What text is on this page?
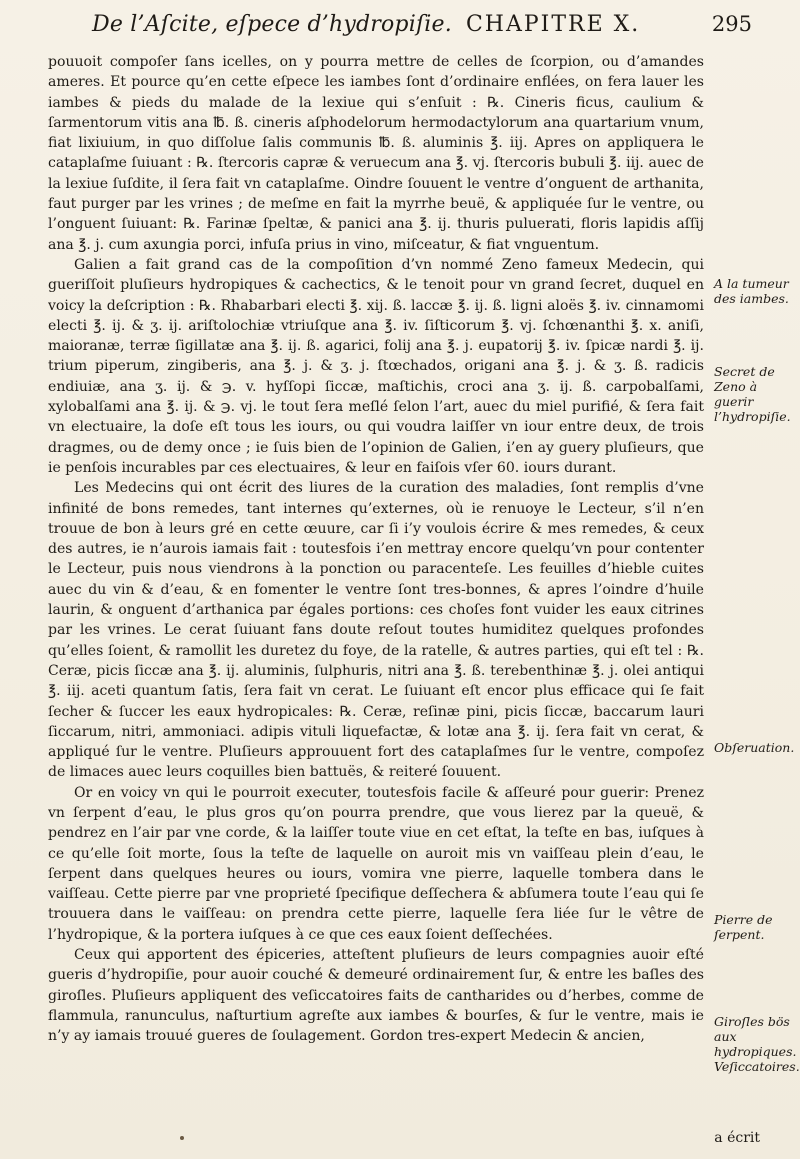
De l’Aſcite, eſpece d’hydropiſie. CHAPITRE X.	295

pouuoit compoſer ſans icelles, on y pourra mettre de celles de ſcorpion, ou d’amandes ameres. Et pource qu’en cette eſpece les iambes ſont d’ordinaire enflées, on fera lauer les iambes & pieds du malade de la lexiue qui s’enſuit : ℞. Cineris ficus, caulium & ſarmentorum vitis ana ℔. ß. cineris aſphodelorum hermodactylorum ana quartarium vnum, fiat lixiuium, in quo diſſolue ſalis communis ℔. ß. aluminis ℥. iij. Apres on appliquera le cataplaſme ſuiuant : ℞. ſtercoris capræ & veruecum ana ℥. vj. ſtercoris bubuli ℥. iij. auec de la lexiue ſuſdite, il ſera fait vn cataplaſme. Oindre ſouuent le ventre d’onguent de arthanita, faut purger par les vrines ; de meſme en fait la myrrhe beuë, & appliquée ſur le ventre, ou l’onguent ſuiuant: ℞. Farinæ ſpeltæ, & panici ana ℥. ij. thuris puluerati, floris lapidis aſſij ana ℥. j. cum axungia porci, infuſa prius in vino, miſceatur, & fiat vnguentum.

Galien a fait grand cas de la compoſition d’vn nommé Zeno fameux Medecin, qui gueriſſoit pluſieurs hydropiques & cachectics, & le tenoit pour vn grand ſecret, duquel en voicy la deſcription : ℞. Rhabarbari electi ℥. xij. ß. laccæ ℥. ij. ß. ligni aloës ℥. iv. cinnamomi electi ℥. ij. & ʒ. ij. ariſtolochiæ vtriuſque ana ℥. iv. ſiſticorum ℥. vj. ſchœnanthi ℥. x. aniſi, maioranæ, terræ ſigillatæ ana ℥. ij. ß. agarici, folij ana ℥. j. eupatorij ℥. iv. ſpicæ nardi ℥. ij. trium piperum, zingiberis, ana ℥. j. & ʒ. j. ſtœchados, origani ana ℥. j. & ʒ. ß. radicis endiuiæ, ana ʒ. ij. & ℈. v. hyſſopi ſiccæ, maſtichis, croci ana ʒ. ij. ß. carpobalſami, xylobalſami ana ℥. ij. & ℈. vj. le tout ſera meſlé ſelon l’art, auec du miel purifié, & ſera fait vn electuaire, la doſe eſt tous les iours, ou qui voudra laiſſer vn iour entre deux, de trois dragmes, ou de demy once ; ie ſuis bien de l’opinion de Galien, i’en ay guery pluſieurs, que ie penſois incurables par ces electuaires, & leur en faiſois vſer 60. iours durant.

Les Medecins qui ont écrit des liures de la curation des maladies, ſont remplis d’vne infinité de bons remedes, tant internes qu’externes, où ie renuoye le Lecteur, s’il n’en trouue de bon à leurs gré en cette œuure, car ſi i’y voulois écrire & mes remedes, & ceux des autres, ie n’aurois iamais fait : toutesfois i’en mettray encore quelqu’vn pour contenter le Lecteur, puis nous viendrons à la ponction ou paracenteſe. Les feuilles d’hieble cuites auec du vin & d’eau, & en fomenter le ventre ſont tres-bonnes, & apres l’oindre d’huile laurin, & onguent d’arthanica par égales portions: ces choſes font vuider les eaux citrines par les vrines. Le cerat ſuiuant fans doute reſout toutes humiditez quelques profondes qu’elles ſoient, & ramollit les duretez du foye, de la ratelle, & autres parties, qui eſt tel : ℞. Ceræ, picis ſiccæ ana ℥. ij. aluminis, ſulphuris, nitri ana ℥. ß. terebenthinæ ℥. j. olei antiqui ℥. iij. aceti quantum ſatis, ſera fait vn cerat. Le ſuiuant eſt encor plus efficace qui ſe fait ſecher & ſuccer les eaux hydropicales: ℞. Ceræ, reſinæ pini, picis ſiccæ, baccarum lauri ſiccarum, nitri, ammoniaci. adipis vituli liquefactæ, & lotæ ana ℥. ij. ſera fait vn cerat, & appliqué ſur le ventre. Pluſieurs approuuent fort des cataplaſmes ſur le ventre, compoſez de limaces auec leurs coquilles bien battuës, & reiteré ſouuent.

Or en voicy vn qui le pourroit executer, toutesfois facile & aſſeuré pour guerir: Prenez vn ſerpent d’eau, le plus gros qu’on pourra prendre, que vous lierez par la queuë, & pendrez en l’air par vne corde, & la laiſſer toute viue en cet eſtat, la teſte en bas, iuſques à ce qu’elle ſoit morte, ſous la teſte de laquelle on auroit mis vn vaiſſeau plein d’eau, le ſerpent dans quelques heures ou iours, vomira vne pierre, laquelle tombera dans le vaiſſeau. Cette pierre par vne proprieté ſpecifique deſſechera & abſumera toute l’eau qui ſe trouuera dans le vaiſſeau: on prendra cette pierre, laquelle ſera liée ſur le vêtre de l’hydropique, & la portera iuſques à ce que ces eaux ſoient deſſechées.

Ceux qui apportent des épiceries, atteſtent pluſieurs de leurs compagnies auoir eſté gueris d’hydropiſie, pour auoir couché & demeuré ordinairement ſur, & entre les baſles des giroſles. Pluſieurs appliquent des veſiccatoires faits de cantharides ou d’herbes, comme de flammula, ranunculus, naſturtium agreſte aux iambes & bourſes, & ſur le ventre, mais ie n’y ay iamais trouué gueres de ſoulagement. Gordon tres-expert Medecin & ancien,

A la tumeur des iambes.
Secret de Zeno à guerir l’hydropiſie.
Obſeruation.
Pierre de ſerpent.
Giroſles bös aux hydropiques. Veſiccatoires.
a écrit
